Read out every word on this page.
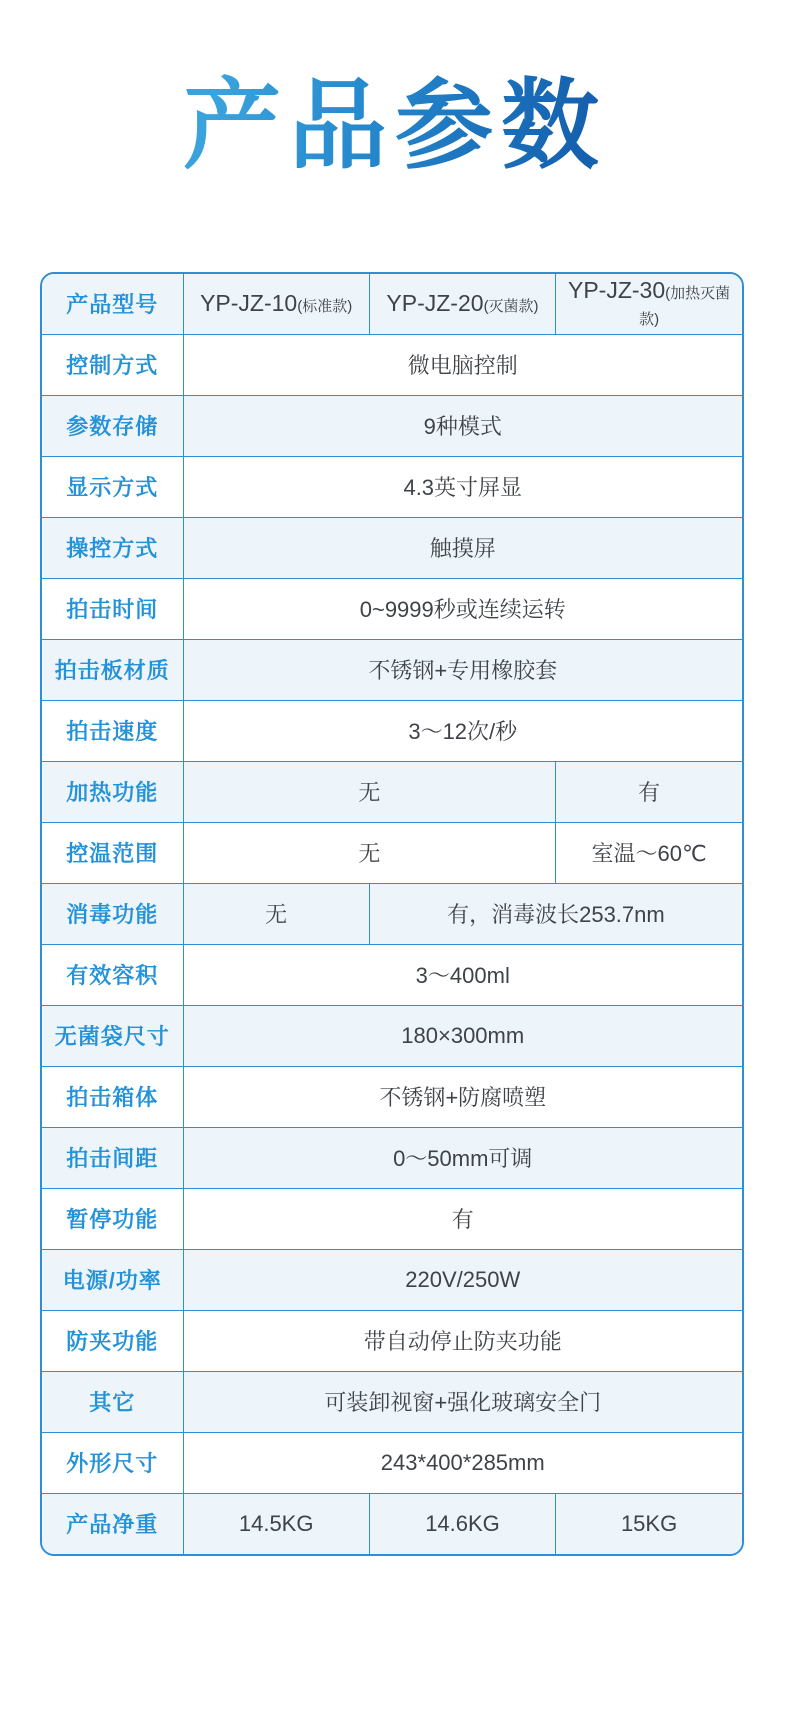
产品参数
产品型号	YP-JZ-10(标准款)	YP-JZ-20(灭菌款)	YP-JZ-30(加热灭菌款)
控制方式	微电脑控制		
参数存储	9种模式		
显示方式	4.3英寸屏显		
操控方式	触摸屏		
拍击时间	0~9999秒或连续运转		
拍击板材质	不锈钢+专用橡胶套		
拍击速度	3～12次/秒		
加热功能	无		有
控温范围	无		室温～60℃
消毒功能	无	有，消毒波长253.7nm	
有效容积	3～400ml		
无菌袋尺寸	180×300mm		
拍击箱体	不锈钢+防腐喷塑		
拍击间距	0～50mm可调		
暂停功能	有		
电源/功率	220V/250W		
防夹功能	带自动停止防夹功能		
其它	可装卸视窗+强化玻璃安全门		
外形尺寸	243*400*285mm		
产品净重	14.5KG	14.6KG	15KG
